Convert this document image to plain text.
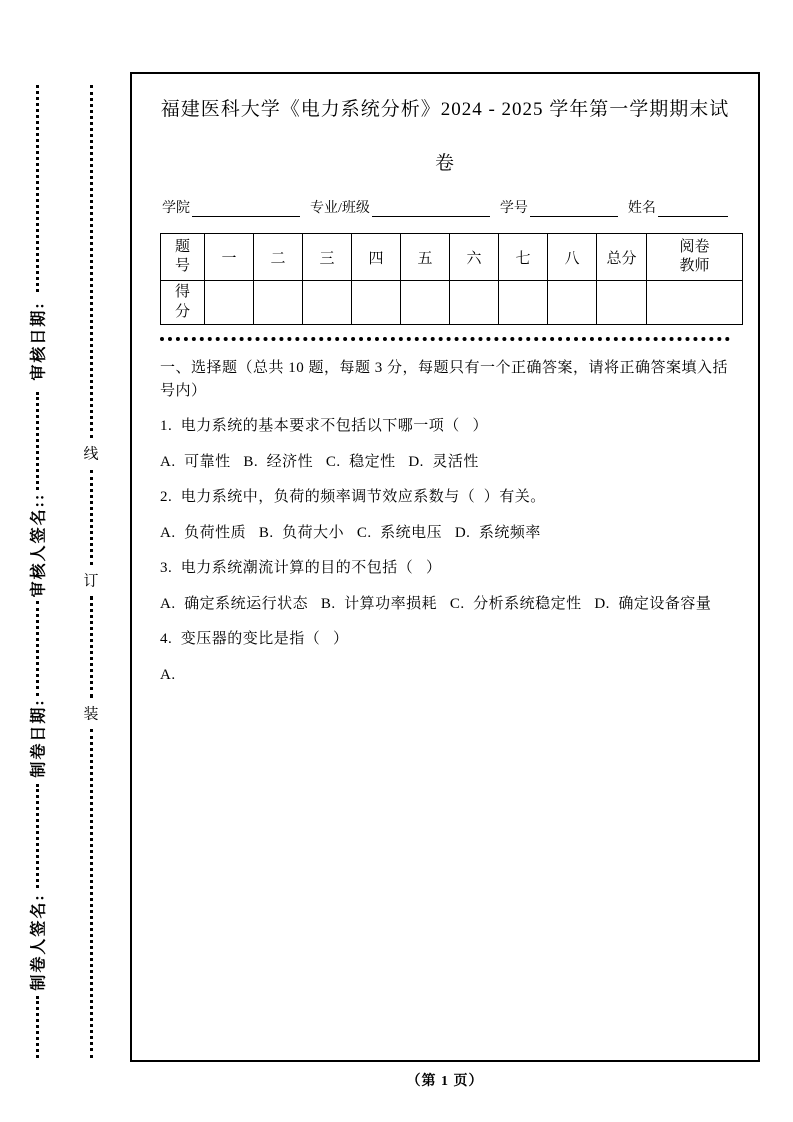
审核日期:
审核人签名::
制卷日期:
制卷人签名:
线
订
装
福建医科大学《电力系统分析》2024 - 2025 学年第一学期期末试
卷
学院	专业/班级	学号	姓名
题号	一	二	三	四	五	六	七	八	总分	阅卷教师

得分										

一、选择题（总共 10 题，每题 3 分，每题只有一个正确答案，请将正确答案填入括号内）

1.  电力系统的基本要求不包括以下哪一项（   ）

A.  可靠性   B.  经济性   C.  稳定性   D.  灵活性

2.  电力系统中，负荷的频率调节效应系数与（  ）有关。

A.  负荷性质   B.  负荷大小   C.  系统电压   D.  系统频率

3.  电力系统潮流计算的目的不包括（   ）

A.  确定系统运行状态   B.  计算功率损耗   C.  分析系统稳定性   D.  确定设备容量

4.  变压器的变比是指（   ）

A.

（第 1 页）
